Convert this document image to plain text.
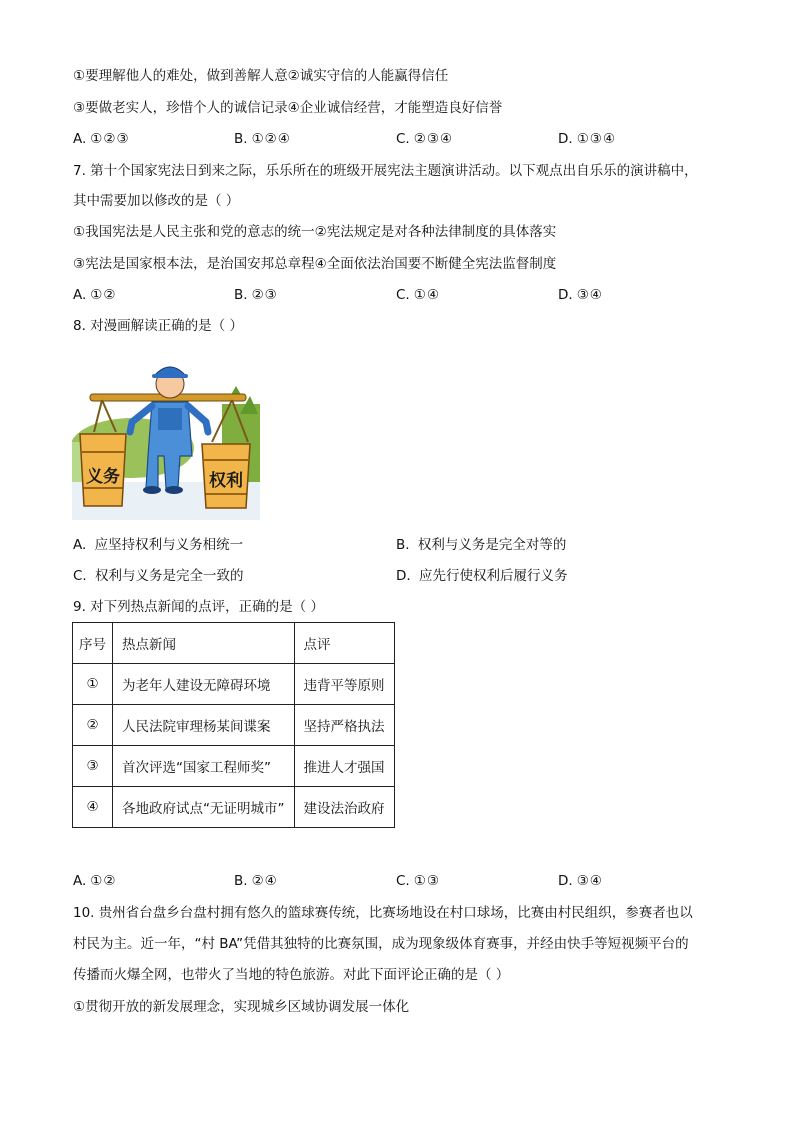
①要理解他人的难处，做到善解人意②诚实守信的人能赢得信任
③要做老实人，珍惜个人的诚信记录④企业诚信经营，才能塑造良好信誉
A. ①②③	B. ①②④	C. ②③④	D. ①③④
7. 第十个国家宪法日到来之际，乐乐所在的班级开展宪法主题演讲活动。以下观点出自乐乐的演讲稿中，
其中需要加以修改的是（ ）
①我国宪法是人民主张和党的意志的统一②宪法规定是对各种法律制度的具体落实
③宪法是国家根本法，是治国安邦总章程④全面依法治国要不断健全宪法监督制度
A. ①②	B. ②③	C. ①④	D. ③④
8. 对漫画解读正确的是（ ）
义务	权利
A. 应坚持权利与义务相统一	B. 权利与义务是完全对等的
C. 权利与义务是完全一致的	D. 应先行使权利后履行义务
9. 对下列热点新闻的点评，正确的是（ ）
序号	热点新闻	点评
①	为老年人建设无障碍环境	违背平等原则
②	人民法院审理杨某间谍案	坚持严格执法
③	首次评选“国家工程师奖”	推进人才强国
④	各地政府试点“无证明城市”	建设法治政府
A. ①②	B. ②④	C. ①③	D. ③④
10. 贵州省台盘乡台盘村拥有悠久的篮球赛传统，比赛场地设在村口球场，比赛由村民组织，参赛者也以
村民为主。近一年，“村 BA”凭借其独特的比赛氛围，成为现象级体育赛事，并经由快手等短视频平台的
传播而火爆全网，也带火了当地的特色旅游。对此下面评论正确的是（ ）
①贯彻开放的新发展理念，实现城乡区域协调发展一体化
